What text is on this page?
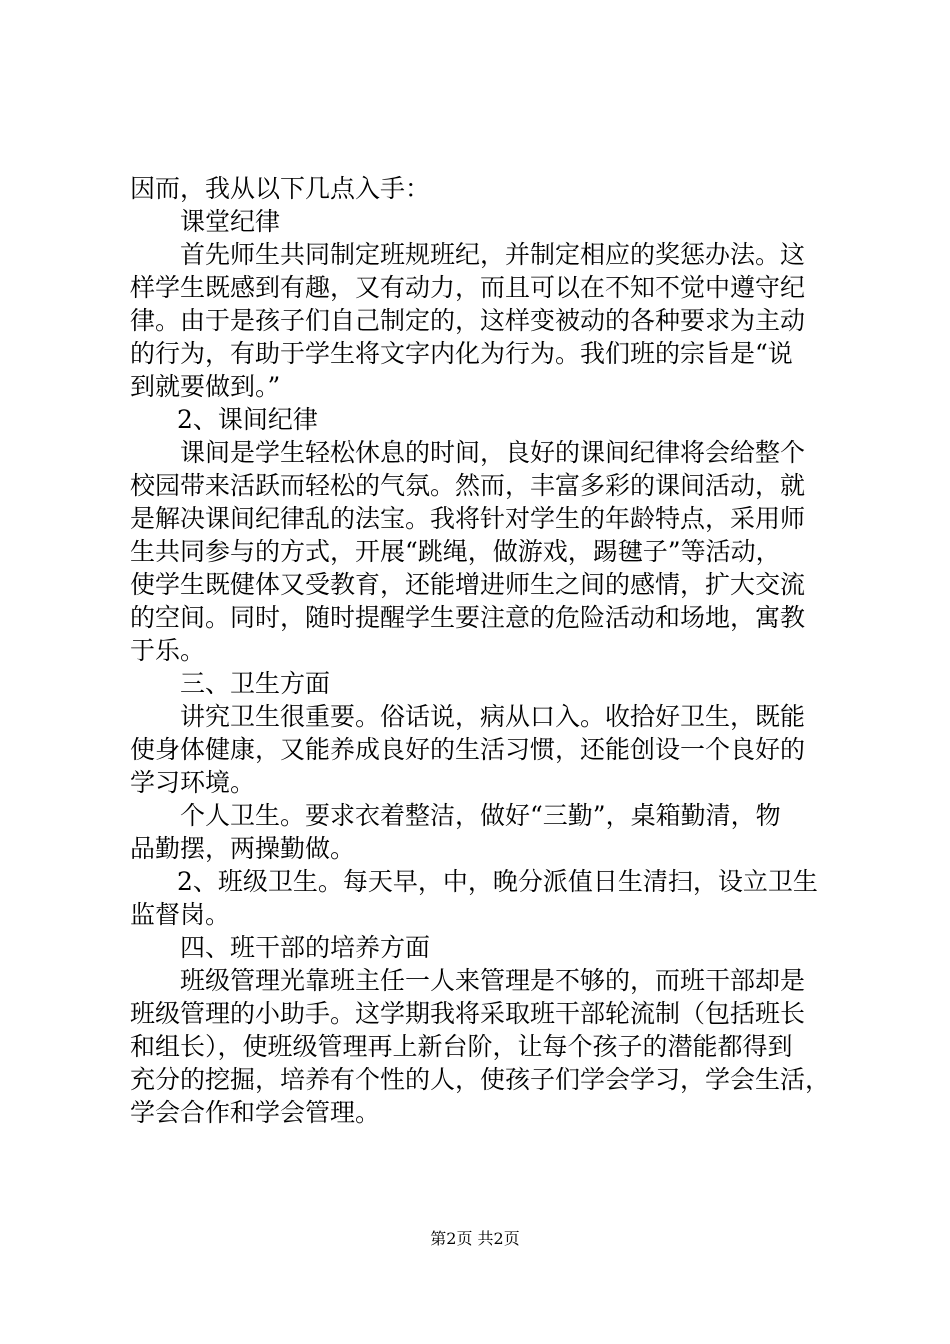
因而，我从以下几点入手：
课堂纪律
首先师生共同制定班规班纪，并制定相应的奖惩办法。这
样学生既感到有趣，又有动力，而且可以在不知不觉中遵守纪
律。由于是孩子们自己制定的，这样变被动的各种要求为主动
的行为，有助于学生将文字内化为行为。我们班的宗旨是“说
到就要做到。”
2、课间纪律
课间是学生轻松休息的时间，良好的课间纪律将会给整个
校园带来活跃而轻松的气氛。然而，丰富多彩的课间活动，就
是解决课间纪律乱的法宝。我将针对学生的年龄特点，采用师
生共同参与的方式，开展“跳绳，做游戏，踢毽子”等活动，
使学生既健体又受教育，还能增进师生之间的感情，扩大交流
的空间。同时，随时提醒学生要注意的危险活动和场地，寓教
于乐。
三、卫生方面
讲究卫生很重要。俗话说，病从口入。收拾好卫生，既能
使身体健康，又能养成良好的生活习惯，还能创设一个良好的
学习环境。
个人卫生。要求衣着整洁，做好“三勤”，桌箱勤清，物
品勤摆，两操勤做。
2、班级卫生。每天早，中，晚分派值日生清扫，设立卫生
监督岗。
四、班干部的培养方面
班级管理光靠班主任一人来管理是不够的，而班干部却是
班级管理的小助手。这学期我将采取班干部轮流制（包括班长
和组长），使班级管理再上新台阶，让每个孩子的潜能都得到
充分的挖掘，培养有个性的人，使孩子们学会学习，学会生活，
学会合作和学会管理。
第2页 共2页
